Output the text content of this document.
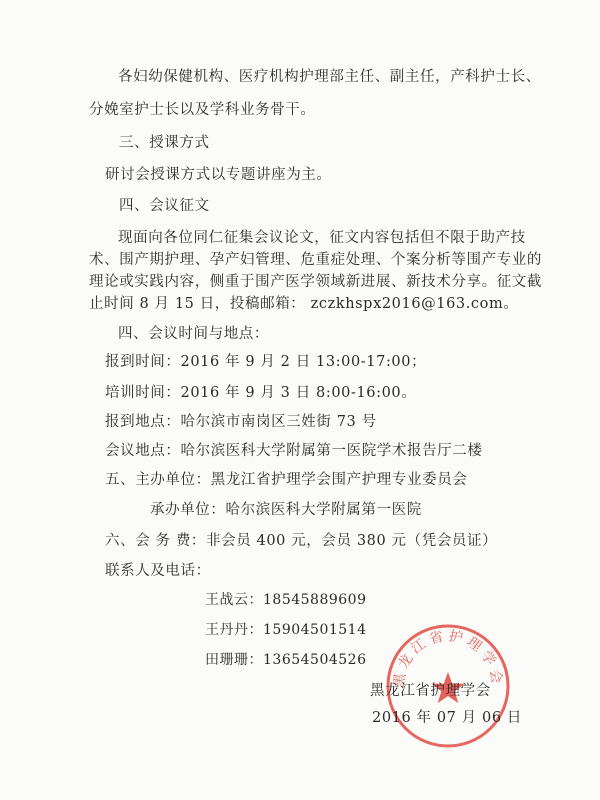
各妇幼保健机构、医疗机构护理部主任、副主任，产科护士长、
分娩室护士长以及学科业务骨干。
三、授课方式
研讨会授课方式以专题讲座为主。
四、会议征文
现面向各位同仁征集会议论文，征文内容包括但不限于助产技
术、围产期护理、孕产妇管理、危重症处理、个案分析等围产专业的
理论或实践内容，侧重于围产医学领域新进展、新技术分享。征文截
止时间 8 月 15 日，投稿邮箱： zczkhspx2016@163.com。
四、会议时间与地点：
报到时间：2016 年 9 月 2 日 13:00-17:00；
培训时间：2016 年 9 月 3 日 8:00-16:00。
报到地点：哈尔滨市南岗区三姓街 73 号
会议地点：哈尔滨医科大学附属第一医院学术报告厅二楼
五、主办单位：黑龙江省护理学会围产护理专业委员会
承办单位：哈尔滨医科大学附属第一医院
六、会 务 费：非会员 400 元，会员 380 元（凭会员证）
联系人及电话：
王战云：18545889609
王丹丹：15904501514
田珊珊：13654504526
黑龙江省护理学会
黑龙江省护理学会
2016 年 07 月 06 日
